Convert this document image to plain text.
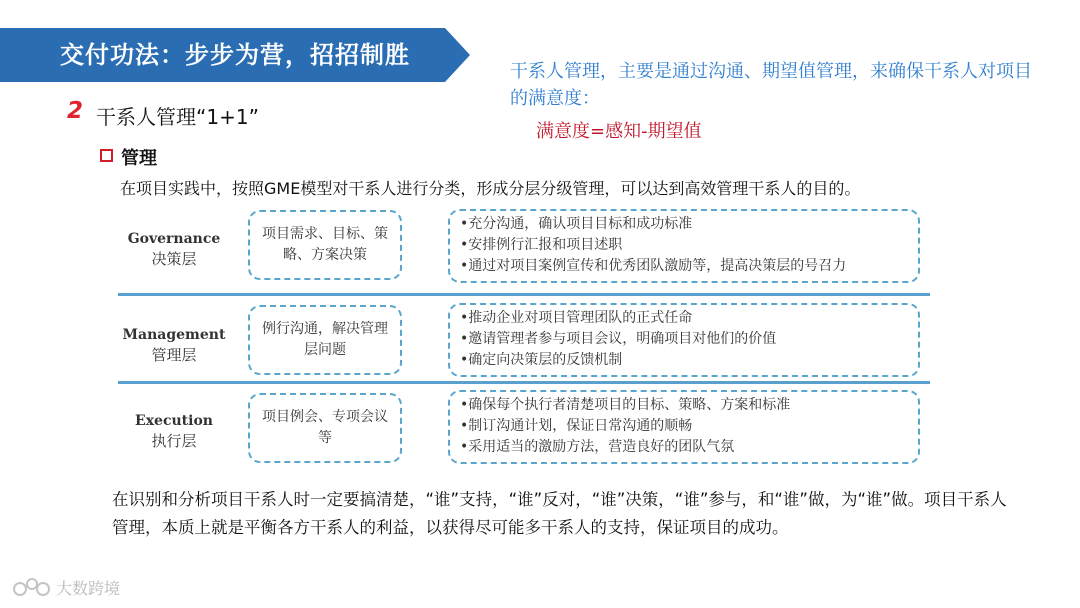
交付功法：步步为营，招招制胜
干系人管理，主要是通过沟通、期望值管理，来确保干系人对项目的满意度：
满意度=感知-期望值
2 干系人管理“1+1”
管理
在项目实践中，按照GME模型对干系人进行分类，形成分层分级管理，可以达到高效管理干系人的目的。
Governance
决策层
项目需求、目标、策略、方案决策
• 充分沟通，确认项目目标和成功标准
• 安排例行汇报和项目述职
• 通过对项目案例宣传和优秀团队激励等，提高决策层的号召力
Management
管理层
例行沟通，解决管理层问题
• 推动企业对项目管理团队的正式任命
• 邀请管理者参与项目会议，明确项目对他们的价值
• 确定向决策层的反馈机制
Execution
执行层
项目例会、专项会议等
• 确保每个执行者清楚项目的目标、策略、方案和标准
• 制订沟通计划，保证日常沟通的顺畅
• 采用适当的激励方法，营造良好的团队气氛
在识别和分析项目干系人时一定要搞清楚，“谁”支持，“谁”反对，“谁”决策，“谁”参与，和“谁”做，为“谁”做。项目干系人管理，本质上就是平衡各方干系人的利益，以获得尽可能多干系人的支持，保证项目的成功。
大数跨境
